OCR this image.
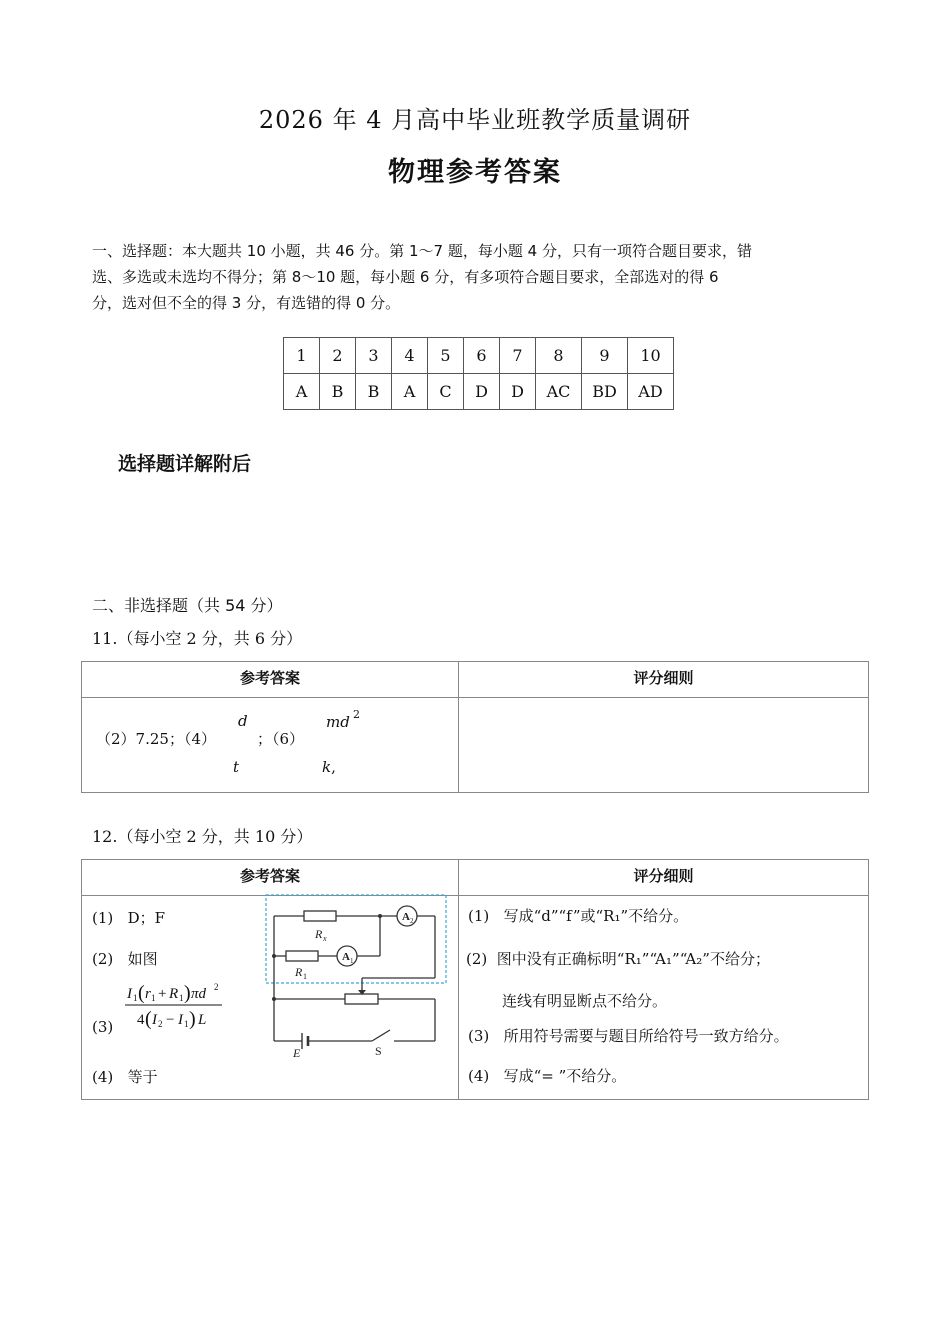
2026 年 4 月高中毕业班教学质量调研
物理参考答案
一、选择题：本大题共 10 小题，共 46 分。第 1～7 题，每小题 4 分，只有一项符合题目要求，错
选、多选或未选均不得分；第 8～10 题，每小题 6 分，有多项符合题目要求，全部选对的得 6
分，选对但不全的得 3 分，有选错的得 0 分。
1	2	3	4	5	6	7	8	9	10
A	B	B	A	C	D	D	AC	BD	AD
选择题详解附后
二、非选择题（共 54 分）
11.（每小空 2 分，共 6 分）
参考答案	评分细则
（2）7.25；（4）
d
t
；（6）
md 2
k,
12.（每小空 2 分，共 10 分）
参考答案	评分细则
(1) D；F
(2) 如图
(3)
(4) 等于
I 1 ( r 1 + R 1 ) πd 2
4 ( I 2 − I 1 ) L
R x
R 1
A 2
A 1
E	S
(1) 写成“d”“f”或“R₁”不给分。
(2) 图中没有正确标明“R₁”“A₁”“A₂”不给分；
连线有明显断点不给分。
(3) 所用符号需要与题目所给符号一致方给分。
(4) 写成“= ”不给分。
